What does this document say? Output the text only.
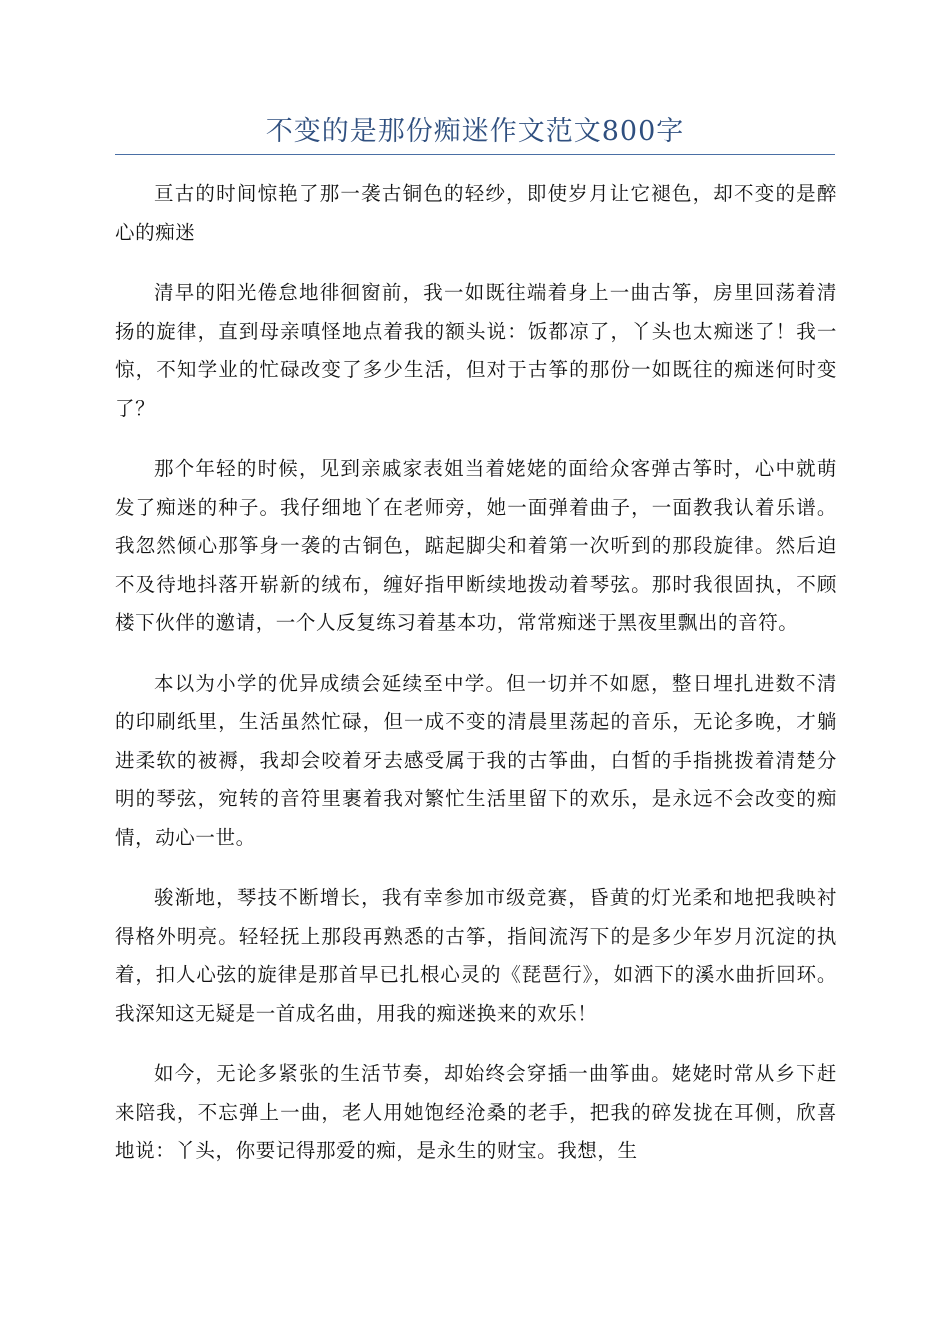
不变的是那份痴迷作文范文800字

亘古的时间惊艳了那一袭古铜色的轻纱，即使岁月让它褪色，却不变的是醉心的痴迷

清早的阳光倦怠地徘徊窗前，我一如既往端着身上一曲古筝，房里回荡着清扬的旋律，直到母亲嗔怪地点着我的额头说：饭都凉了，丫头也太痴迷了！我一惊，不知学业的忙碌改变了多少生活，但对于古筝的那份一如既往的痴迷何时变了？

那个年轻的时候，见到亲戚家表姐当着姥姥的面给众客弹古筝时，心中就萌发了痴迷的种子。我仔细地丫在老师旁，她一面弹着曲子，一面教我认着乐谱。我忽然倾心那筝身一袭的古铜色，踮起脚尖和着第一次听到的那段旋律。然后迫不及待地抖落开崭新的绒布，缠好指甲断续地拨动着琴弦。那时我很固执，不顾楼下伙伴的邀请，一个人反复练习着基本功，常常痴迷于黑夜里飘出的音符。

本以为小学的优异成绩会延续至中学。但一切并不如愿，整日埋扎进数不清的印刷纸里，生活虽然忙碌，但一成不变的清晨里荡起的音乐，无论多晚，才躺进柔软的被褥，我却会咬着牙去感受属于我的古筝曲，白皙的手指挑拨着清楚分明的琴弦，宛转的音符里裹着我对繁忙生活里留下的欢乐，是永远不会改变的痴情，动心一世。

骏渐地，琴技不断增长，我有幸参加市级竞赛，昏黄的灯光柔和地把我映衬得格外明亮。轻轻抚上那段再熟悉的古筝，指间流泻下的是多少年岁月沉淀的执着，扣人心弦的旋律是那首早已扎根心灵的《琵琶行》，如洒下的溪水曲折回环。我深知这无疑是一首成名曲，用我的痴迷换来的欢乐！

如今，无论多紧张的生活节奏，却始终会穿插一曲筝曲。姥姥时常从乡下赶来陪我，不忘弹上一曲，老人用她饱经沧桑的老手，把我的碎发拢在耳侧，欣喜地说：丫头，你要记得那爱的痴，是永生的财宝。我想，生
